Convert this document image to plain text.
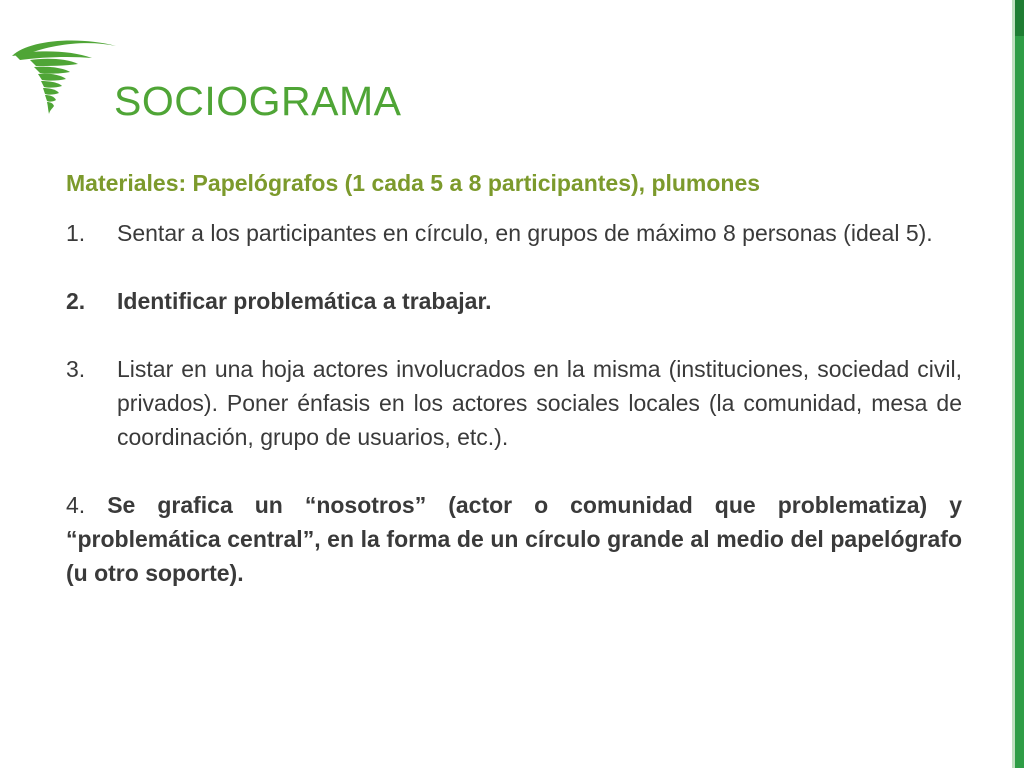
SOCIOGRAMA

Materiales: Papelógrafos (1 cada 5 a 8 participantes), plumones

1.	Sentar a los participantes en círculo, en grupos de máximo 8 personas (ideal 5).
2.	Identificar problemática a trabajar.
3.	Listar en una hoja actores involucrados en la misma (instituciones, sociedad civil, privados). Poner énfasis en los actores sociales locales (la comunidad, mesa de coordinación, grupo de usuarios, etc.).

4. Se grafica un “nosotros” (actor o comunidad que problematiza) y “problemática central”, en la forma de un círculo grande al medio del papelógrafo (u otro soporte).
